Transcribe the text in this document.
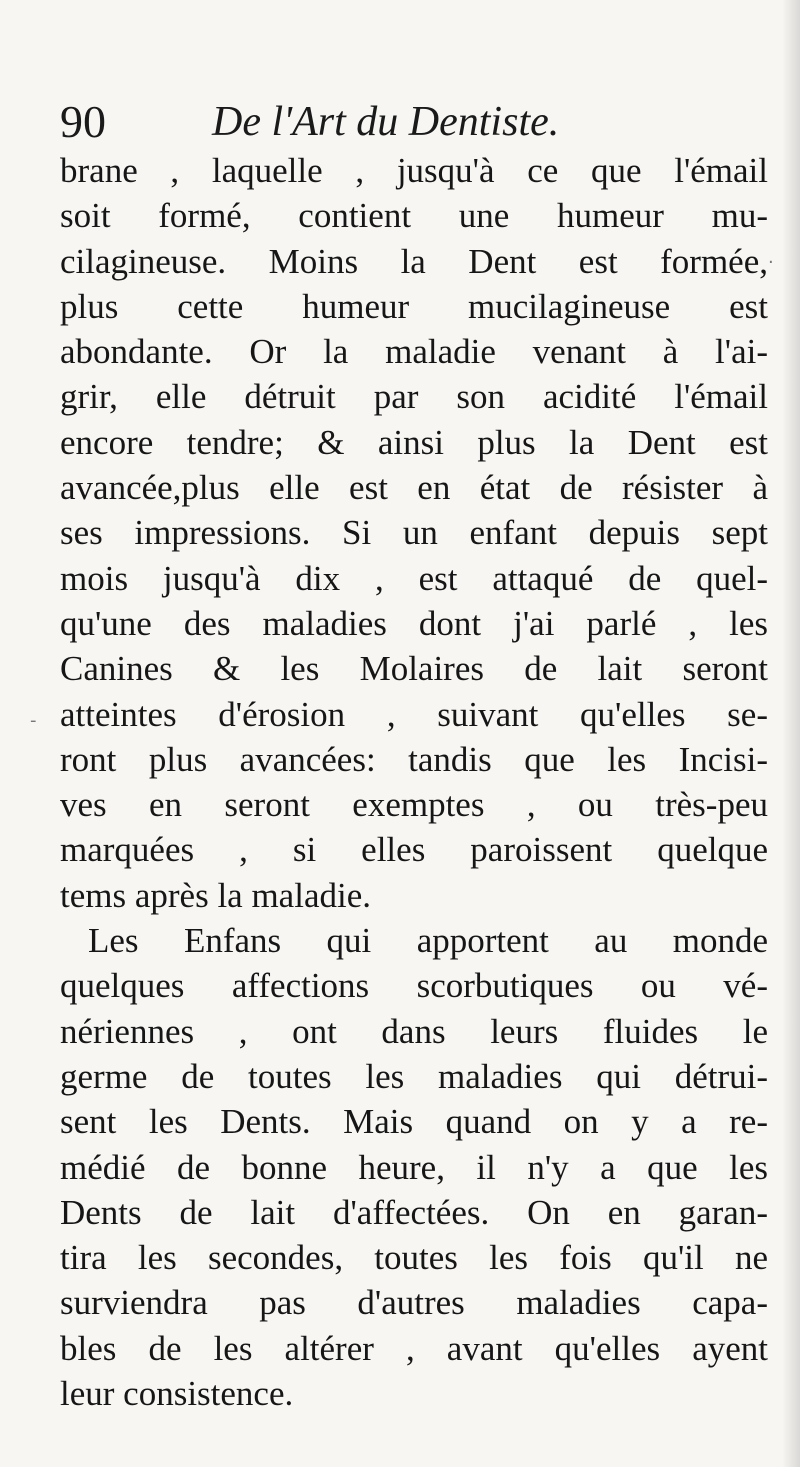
90	De l'Art du Dentiste.
brane , laquelle , jusqu'à ce que l'émail
soit formé, contient une humeur mu-
cilagineuse. Moins la Dent est formée,
plus cette humeur mucilagineuse est
abondante. Or la maladie venant à l'ai-
grir, elle détruit par son acidité l'émail
encore tendre; & ainsi plus la Dent est
avancée,plus elle est en état de résister à
ses impressions. Si un enfant depuis sept
mois jusqu'à dix , est attaqué de quel-
qu'une des maladies dont j'ai parlé , les
Canines & les Molaires de lait seront
atteintes d'érosion , suivant qu'elles se-
ront plus avancées: tandis que les Incisi-
ves en seront exemptes , ou très-peu
marquées , si elles paroissent quelque
tems après la maladie.
Les Enfans qui apportent au monde
quelques affections scorbutiques ou vé-
nériennes , ont dans leurs fluides le
germe de toutes les maladies qui détrui-
sent les Dents. Mais quand on y a re-
médié de bonne heure, il n'y a que les
Dents de lait d'affectées. On en garan-
tira les secondes, toutes les fois qu'il ne
surviendra pas d'autres maladies capa-
bles de les altérer , avant qu'elles ayent
leur consistence.
·
-
